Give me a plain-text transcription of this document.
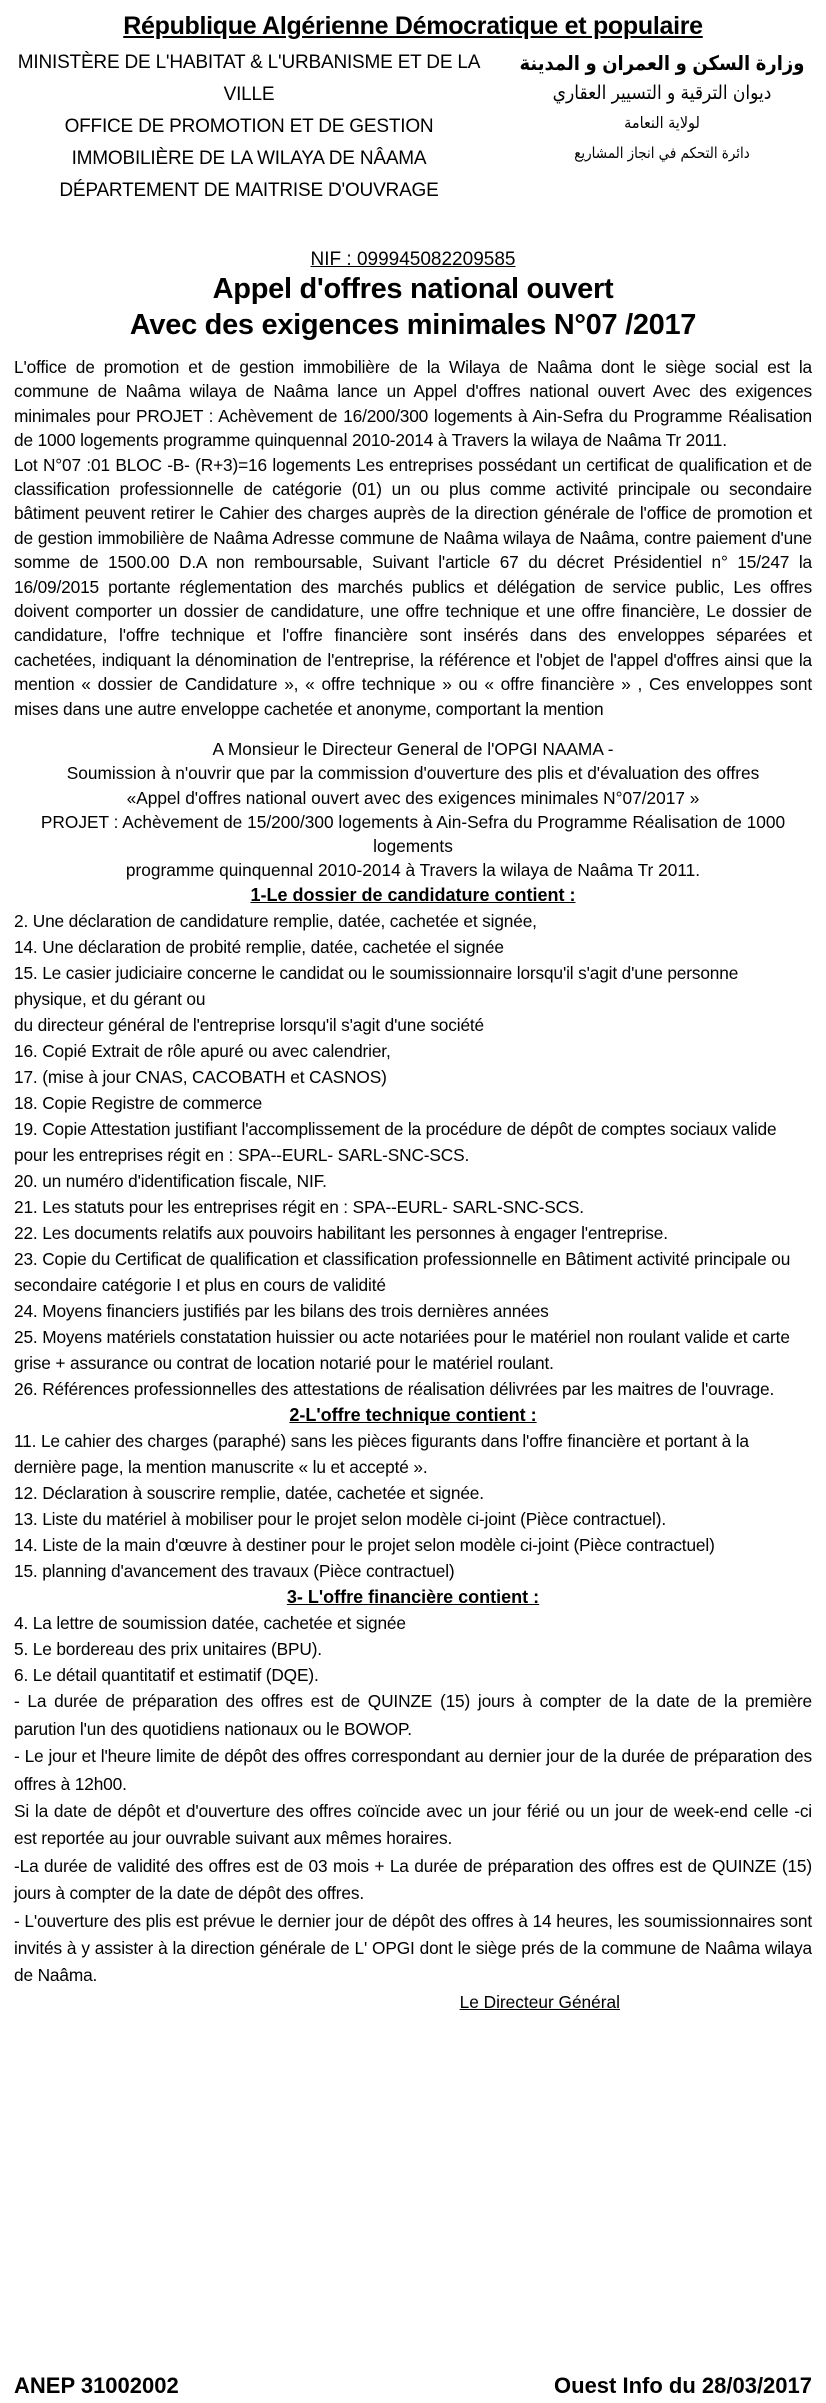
République Algérienne Démocratique et populaire
MINISTÈRE DE L'HABITAT & L'URBANISME ET DE LA VILLE
OFFICE DE PROMOTION ET DE GESTION
IMMOBILIÈRE DE LA WILAYA DE NÂAMA
DÉPARTEMENT DE MAITRISE D'OUVRAGE
وزارة السكن و العمران و المدينة
ديوان الترقية و التسيير العقاري
لولاية النعامة
دائرة التحكم في انجاز المشاريع
NIF : 099945082209585
Appel d'offres national ouvert
Avec des exigences minimales N°07 /2017
L'office de promotion et de gestion immobilière de la Wilaya de Naâma dont le siège social est la commune de Naâma wilaya de Naâma lance un Appel d'offres national ouvert Avec des exigences minimales pour PROJET : Achèvement de 16/200/300 logements à Ain-Sefra du Programme Réalisation de 1000 logements programme quinquennal 2010-2014 à Travers la wilaya de Naâma Tr 2011.
Lot N°07 :01 BLOC -B- (R+3)=16 logements Les entreprises possédant un certificat de qualification et de classification professionnelle de catégorie (01) un ou plus comme activité principale ou secondaire bâtiment peuvent retirer le Cahier des charges auprès de la direction générale de l'office de promotion et de gestion immobilière de Naâma Adresse commune de Naâma wilaya de Naâma, contre paiement d'une somme de 1500.00 D.A non remboursable, Suivant l'article 67 du décret Présidentiel n° 15/247 la 16/09/2015 portante réglementation des marchés publics et délégation de service public, Les offres doivent comporter un dossier de candidature, une offre technique et une offre financière, Le dossier de candidature, l'offre technique et l'offre financière sont insérés dans des enveloppes séparées et cachetées, indiquant la dénomination de l'entreprise, la référence et l'objet de l'appel d'offres ainsi que la mention « dossier de Candidature », « offre technique » ou « offre financière » , Ces enveloppes sont mises dans une autre enveloppe cachetée et anonyme, comportant la mention
A Monsieur le Directeur General de l'OPGI NAAMA -
Soumission à n'ouvrir que par la commission d'ouverture des plis et d'évaluation des offres
«Appel d'offres national ouvert avec des exigences minimales N°07/2017 »
PROJET : Achèvement de 15/200/300 logements à Ain-Sefra du Programme Réalisation de 1000 logements
programme quinquennal 2010-2014 à Travers la wilaya de Naâma Tr 2011.
1-Le dossier de candidature contient :

2. Une déclaration de candidature remplie, datée, cachetée et signée,

14. Une déclaration de probité remplie, datée, cachetée el signée

15. Le casier judiciaire concerne le candidat ou le soumissionnaire lorsqu'il s'agit d'une personne physique, et du gérant ou

du directeur général de l'entreprise lorsqu'il s'agit d'une société

16. Copié Extrait de rôle apuré ou avec calendrier,

17. (mise à jour CNAS, CACOBATH et CASNOS)

18. Copie Registre de commerce

19. Copie Attestation justifiant l'accomplissement de la procédure de dépôt de comptes sociaux valide pour les entreprises régit en : SPA--EURL- SARL-SNC-SCS.

20. un numéro d'identification fiscale, NIF.

21. Les statuts pour les entreprises régit en : SPA--EURL- SARL-SNC-SCS.

22. Les documents relatifs aux pouvoirs habilitant les personnes à engager l'entreprise.

23. Copie du Certificat de qualification et classification professionnelle en Bâtiment activité principale ou secondaire catégorie I et plus en cours de validité

24. Moyens financiers justifiés par les bilans des trois dernières années

25. Moyens matériels constatation huissier ou acte notariées pour le matériel non roulant valide et carte

grise + assurance ou contrat de location notarié pour le matériel roulant.

26. Références professionnelles des attestations de réalisation délivrées par les maitres de l'ouvrage.

2-L'offre technique contient :

11. Le cahier des charges (paraphé) sans les pièces figurants dans l'offre financière et portant à la dernière page, la mention manuscrite « lu et accepté ».

12. Déclaration à souscrire remplie, datée, cachetée et signée.

13. Liste du matériel à mobiliser pour le projet selon modèle ci-joint (Pièce contractuel).

14. Liste de la main d'œuvre à destiner pour le projet selon modèle ci-joint (Pièce contractuel)

15. planning d'avancement des travaux (Pièce contractuel)

3- L'offre financière contient :

4. La lettre de soumission datée, cachetée et signée

5. Le bordereau des prix unitaires (BPU).

6. Le détail quantitatif et estimatif (DQE).

- La durée de préparation des offres est de QUINZE (15) jours à compter de la date de la première parution l'un des quotidiens nationaux ou le BOWOP.

- Le jour et l'heure limite de dépôt des offres correspondant au dernier jour de la durée de préparation des offres à 12h00.

Si la date de dépôt et d'ouverture des offres coïncide avec un jour férié ou un jour de week-end celle -ci est reportée au jour ouvrable suivant aux mêmes horaires.

-La durée de validité des offres est de 03 mois + La durée de préparation des offres est de QUINZE (15) jours à compter de la date de dépôt des offres.

- L'ouverture des plis est prévue le dernier jour de dépôt des offres à 14 heures, les soumissionnaires sont invités à y assister à la direction générale de L' OPGI dont le siège prés de la commune de Naâma wilaya de Naâma.

Le Directeur Général
ANEP 31002002	Ouest Info du 28/03/2017
